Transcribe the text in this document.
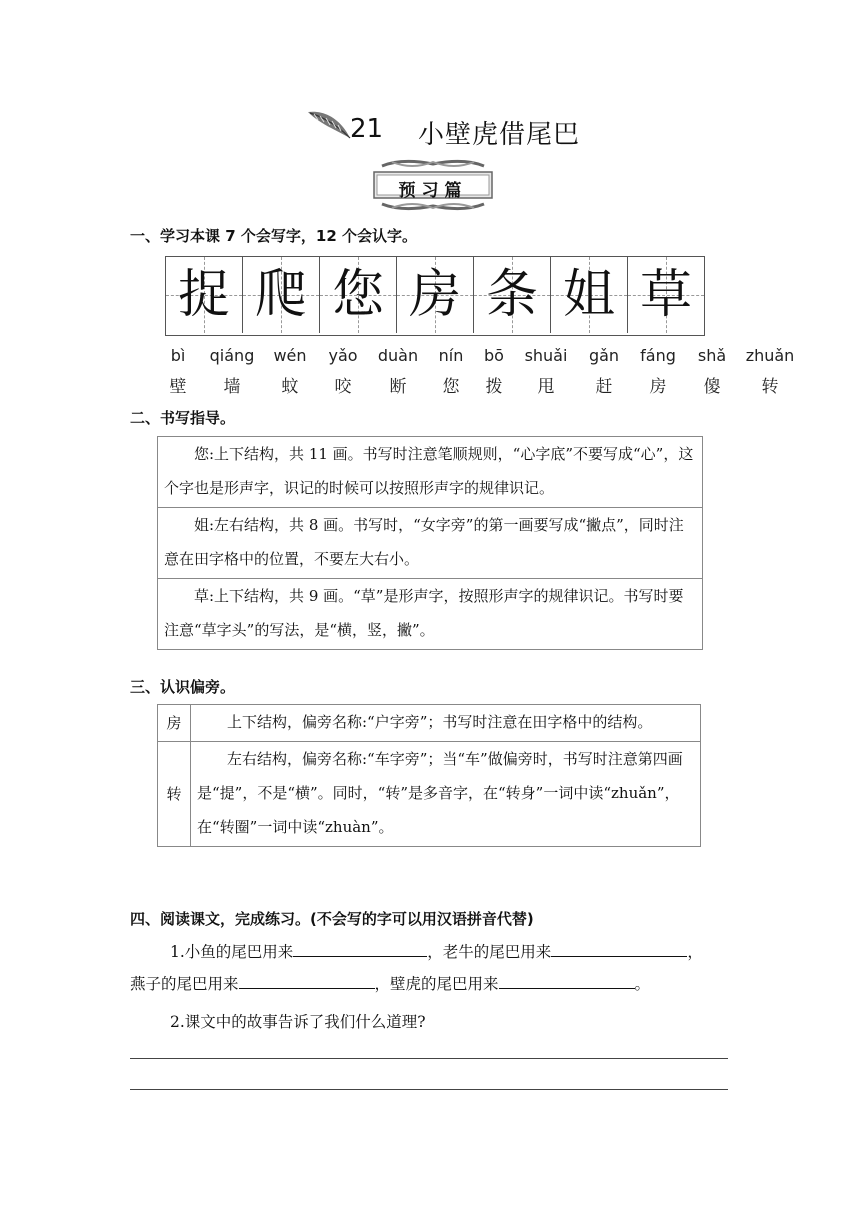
21 小壁虎借尾巴
预习篇
一、学习本课 7 个会写字，12 个会认字。
捉 爬 您 房 条 姐 草
bì	qiáng	wén	yǎo	duàn	nín	bō	shuǎi	gǎn	fáng	shǎ	zhuǎn
壁	墙	蚊	咬	断	您	拨	甩	赶	房	傻	转
二、书写指导。
您:上下结构，共 11 画。书写时注意笔顺规则，“心字底”不要写成“心”，这个字也是形声字，识记的时候可以按照形声字的规律识记。
姐:左右结构，共 8 画。书写时，“女字旁”的第一画要写成“撇点”，同时注意在田字格中的位置，不要左大右小。
草:上下结构，共 9 画。“草”是形声字，按照形声字的规律识记。书写时要注意“草字头”的写法，是“横，竖，撇”。
三、认识偏旁。
房	上下结构，偏旁名称:“户字旁”；书写时注意在田字格中的结构。
转	左右结构，偏旁名称:“车字旁”；当“车”做偏旁时，书写时注意第四画是“提”，不是“横”。同时，“转”是多音字，在“转身”一词中读“zhuǎn”，在“转圈”一词中读“zhuàn”。
四、阅读课文，完成练习。(不会写的字可以用汉语拼音代替)
1.小鱼的尾巴用来	，老牛的尾巴用来	，
燕子的尾巴用来	，壁虎的尾巴用来	。
2.课文中的故事告诉了我们什么道理?
